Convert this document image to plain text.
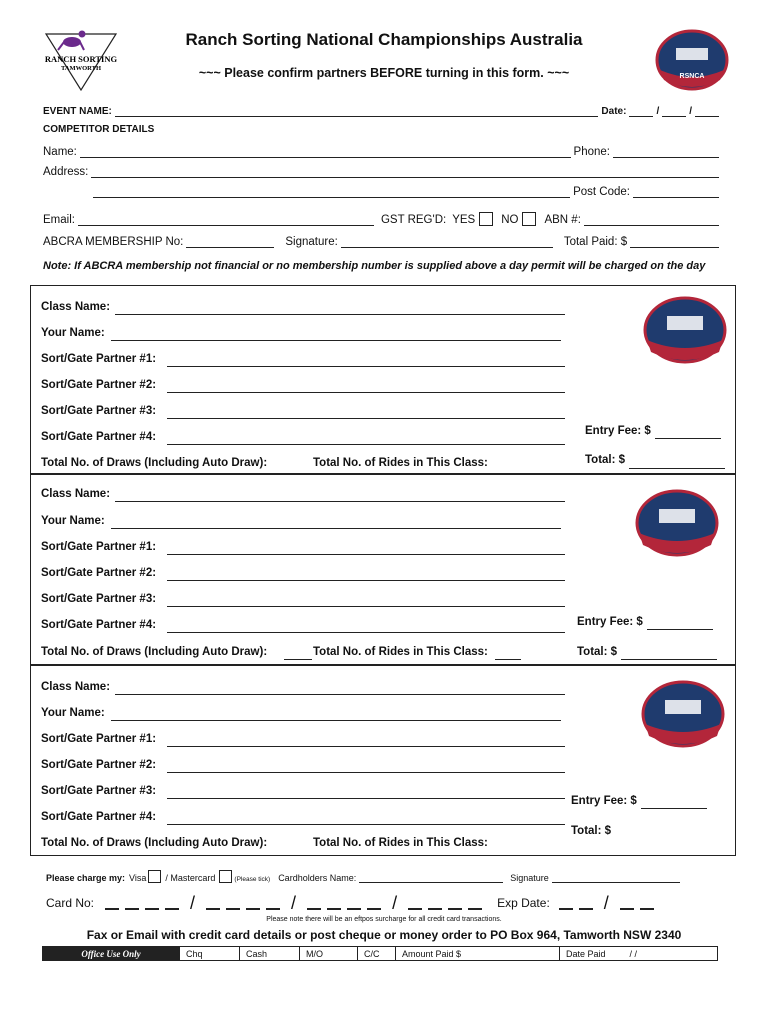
RANCH SORTING
TAMWORTH
Ranch Sorting National Championships Australia
~~~ Please confirm partners BEFORE turning in this form. ~~~	RSNCA
EVENT NAME:	Date:	/	/
COMPETITOR DETAILS
Name:	Phone:
Address:
Post Code:
Email:	GST REG'D: YES NO ABN #:
ABCRA MEMBERSHIP No:	Signature:	Total Paid: $
Note: If ABCRA membership not financial or no membership number is supplied above a day permit will be charged on the day
Class Name:
Your Name:
Sort/Gate Partner #1:
Sort/Gate Partner #2:
Sort/Gate Partner #3:
Sort/Gate Partner #4:
Total No. of Draws (Including Auto Draw):	Total No. of Rides in This Class:
Entry Fee: $
Total: $
Class Name:
Your Name:
Sort/Gate Partner #1:
Sort/Gate Partner #2:
Sort/Gate Partner #3:
Sort/Gate Partner #4:
Total No. of Draws (Including Auto Draw):	Total No. of Rides in This Class:
Entry Fee: $
Total: $
Class Name:
Your Name:
Sort/Gate Partner #1:
Sort/Gate Partner #2:
Sort/Gate Partner #3:
Sort/Gate Partner #4:
Total No. of Draws (Including Auto Draw):	Total No. of Rides in This Class:
Entry Fee: $
Total: $
Please charge my: Visa / Mastercard	(Please tick) Cardholders Name:	Signature
Card No:	/	/	/	Exp Date:	/
Please note there will be an eftpos surcharge for all credit card transactions.
Fax or Email with credit card details or post cheque or money order to PO Box 964, Tamworth NSW 2340
Office Use Only	Chq	Cash	M/O	C/C	Amount Paid $	Date Paid	/ /
